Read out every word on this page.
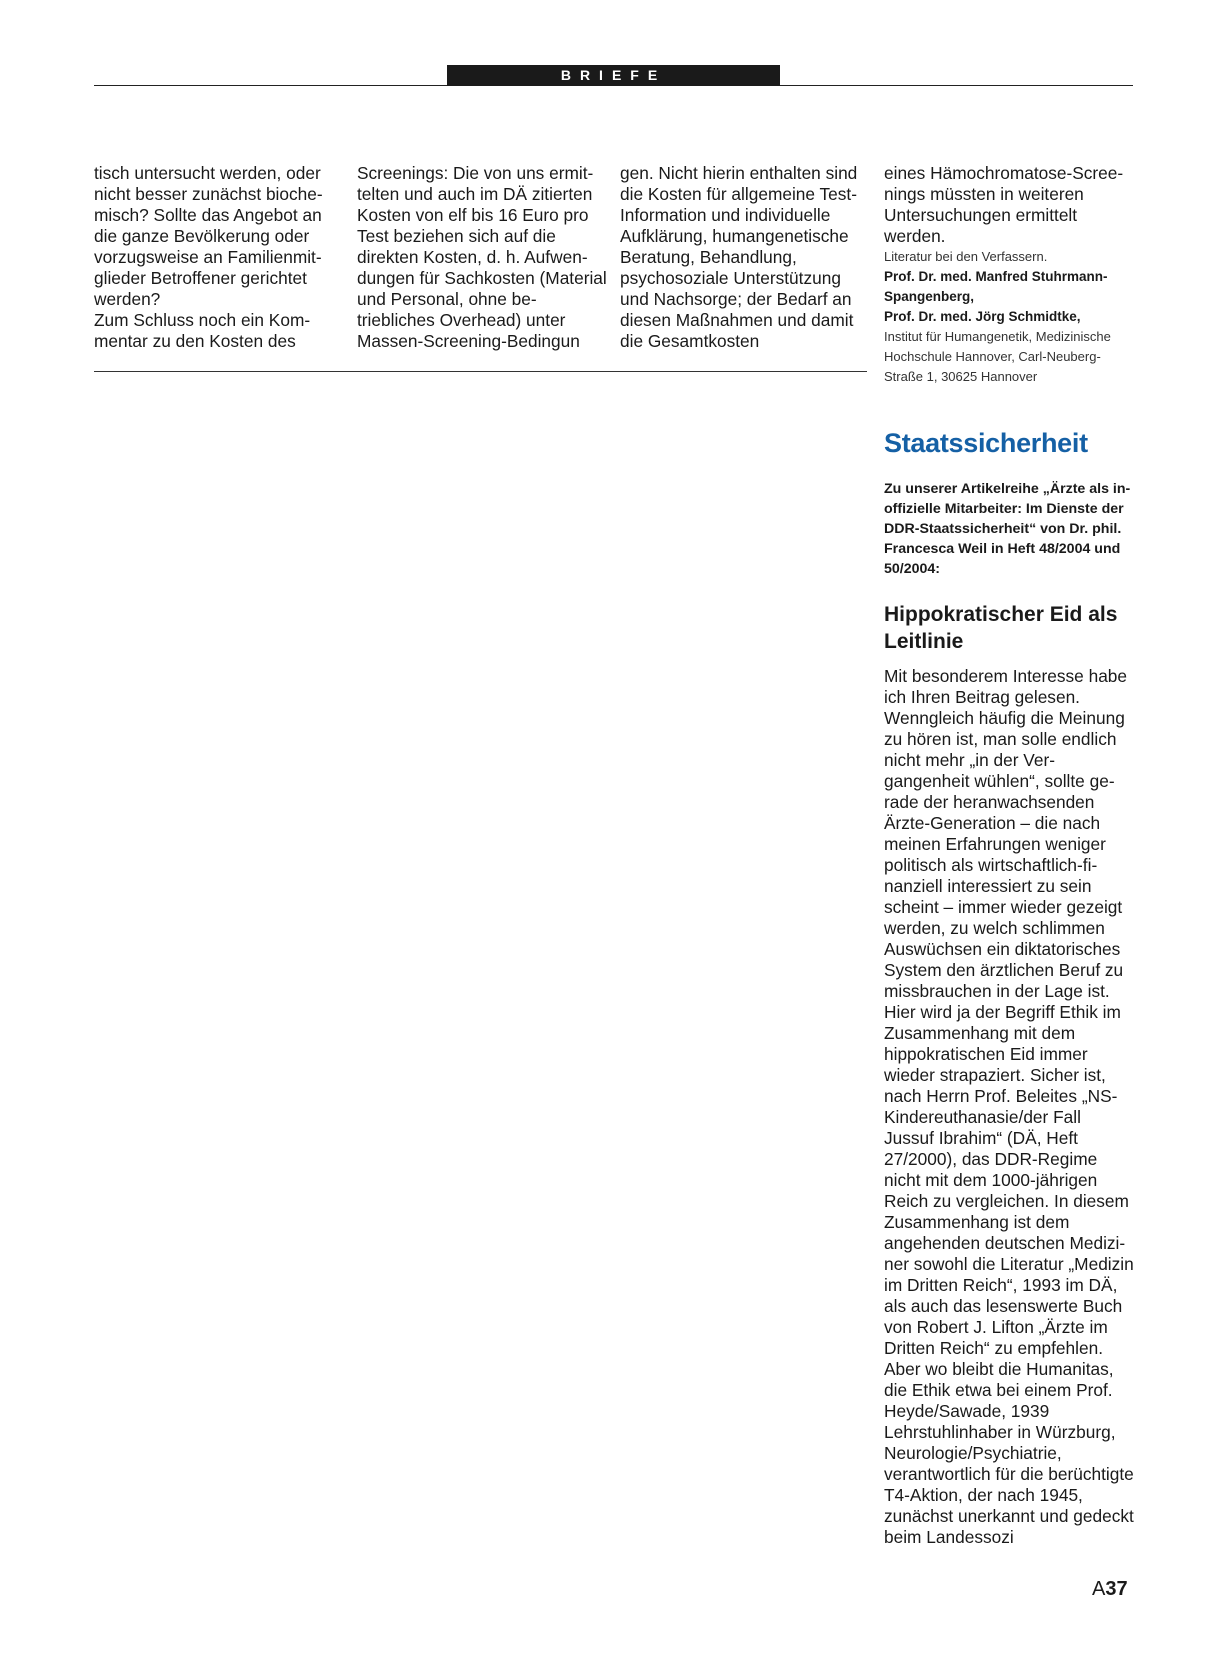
BRIEFE

tisch untersucht werden, oder nicht besser zunächst biochemisch? Sollte das Angebot an die ganze Bevölkerung oder vorzugsweise an Familienmitglieder Betroffener gerichtet werden?

Zum Schluss noch ein Kommentar zu den Kosten des

Screenings: Die von uns ermittelten und auch im DÄ zitierten Kosten von elf bis 16 Euro pro Test beziehen sich auf die direkten Kosten, d. h. Aufwendungen für Sachkosten (Material und Personal, ohne betriebliches Overhead) unter Massen-Screening-Bedingun

gen. Nicht hierin enthalten sind die Kosten für allgemeine Test-Information und individuelle Aufklärung, humangenetische Beratung, Behandlung, psychosoziale Unterstützung und Nachsorge; der Bedarf an diesen Maßnahmen und damit die Gesamtkosten

eines Hämochromatose-Screenings müssten in weiteren Untersuchungen ermittelt werden.

Literatur bei den Verfassern.

Prof. Dr. med. Manfred Stuhrmann-Spangenberg,

Prof. Dr. med. Jörg Schmidtke,

Institut für Humangenetik, Medizinische Hochschule Hannover, Carl-Neuberg-Straße 1, 30625 Hannover

Staatssicherheit

Zu unserer Artikelreihe „Ärzte als inoffizielle Mitarbeiter: Im Dienste der DDR-Staatssicherheit“ von Dr. phil. Francesca Weil in Heft 48/2004 und 50/2004:

Hippokratischer Eid als Leitlinie

Mit besonderem Interesse habe ich Ihren Beitrag gelesen. Wenngleich häufig die Meinung zu hören ist, man solle endlich nicht mehr „in der Vergangenheit wühlen“, sollte gerade der heranwachsenden Ärzte-Generation – die nach meinen Erfahrungen weniger politisch als wirtschaftlich-finanziell interessiert zu sein scheint – immer wieder gezeigt werden, zu welch schlimmen Auswüchsen ein diktatorisches System den ärztlichen Beruf zu missbrauchen in der Lage ist. Hier wird ja der Begriff Ethik im Zusammenhang mit dem hippokratischen Eid immer wieder strapaziert. Sicher ist, nach Herrn Prof. Beleites „NS-Kindereuthanasie/der Fall Jussuf Ibrahim“ (DÄ, Heft 27/2000), das DDR-Regime nicht mit dem 1000-jährigen Reich zu vergleichen. In diesem Zusammenhang ist dem angehenden deutschen Mediziner sowohl die Literatur „Medizin im Dritten Reich“, 1993 im DÄ, als auch das lesenswerte Buch von Robert J. Lifton „Ärzte im Dritten Reich“ zu empfehlen. Aber wo bleibt die Humanitas, die Ethik etwa bei einem Prof. Heyde/Sawade, 1939 Lehrstuhlinhaber in Würzburg, Neurologie/Psychiatrie, verantwortlich für die berüchtigte T4-Aktion, der nach 1945, zunächst unerkannt und gedeckt beim Landessozi

A37
